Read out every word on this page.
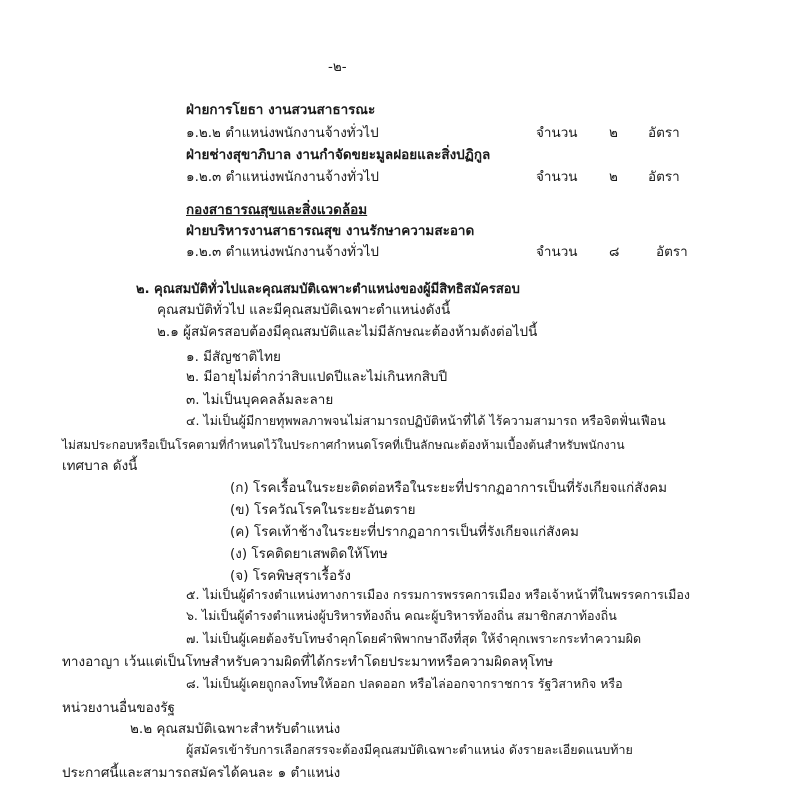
-๒-
ฝ่ายการโยธา งานสวนสาธารณะ
๑.๒.๒ ตำแหน่งพนักงานจ้างทั่วไป	จำนวน ๒ อัตรา
ฝ่ายช่างสุขาภิบาล งานกำจัดขยะมูลฝอยและสิ่งปฏิกูล
๑.๒.๓ ตำแหน่งพนักงานจ้างทั่วไป	จำนวน ๒ อัตรา
กองสาธารณสุขและสิ่งแวดล้อม
ฝ่ายบริหารงานสาธารณสุข งานรักษาความสะอาด
๑.๒.๓ ตำแหน่งพนักงานจ้างทั่วไป	จำนวน ๘	อัตรา
๒. คุณสมบัติทั่วไปและคุณสมบัติเฉพาะตำแหน่งของผู้มีสิทธิสมัครสอบ
คุณสมบัติทั่วไป และมีคุณสมบัติเฉพาะตำแหน่งดังนี้
๒.๑ ผู้สมัครสอบต้องมีคุณสมบัติและไม่มีลักษณะต้องห้ามดังต่อไปนี้
๑. มีสัญชาติไทย
๒. มีอายุไม่ต่ำกว่าสิบแปดปีและไม่เกินหกสิบปี
๓. ไม่เป็นบุคคลล้มละลาย
๔. ไม่เป็นผู้มีกายทุพพลภาพจนไม่สามารถปฏิบัติหน้าที่ได้ ไร้ความสามารถ หรือจิตฟั่นเฟือน
ไม่สมประกอบหรือเป็นโรคตามที่กำหนดไว้ในประกาศกำหนดโรคที่เป็นลักษณะต้องห้ามเบื้องต้นสำหรับพนักงาน
เทศบาล ดังนี้
(ก) โรคเรื้อนในระยะติดต่อหรือในระยะที่ปรากฏอาการเป็นที่รังเกียจแก่สังคม
(ข) โรควัณโรคในระยะอันตราย
(ค) โรคเท้าช้างในระยะที่ปรากฏอาการเป็นที่รังเกียจแก่สังคม
(ง) โรคติดยาเสพติดให้โทษ
(จ) โรคพิษสุราเรื้อรัง
๕. ไม่เป็นผู้ดำรงตำแหน่งทางการเมือง กรรมการพรรคการเมือง หรือเจ้าหน้าที่ในพรรคการเมือง
๖. ไม่เป็นผู้ดำรงตำแหน่งผู้บริหารท้องถิ่น คณะผู้บริหารท้องถิ่น สมาชิกสภาท้องถิ่น
๗. ไม่เป็นผู้เคยต้องรับโทษจำคุกโดยคำพิพากษาถึงที่สุด ให้จำคุกเพราะกระทำความผิด
ทางอาญา เว้นแต่เป็นโทษสำหรับความผิดที่ได้กระทำโดยประมาทหรือความผิดลหุโทษ
๘. ไม่เป็นผู้เคยถูกลงโทษให้ออก ปลดออก หรือไล่ออกจากราชการ รัฐวิสาหกิจ หรือ
หน่วยงานอื่นของรัฐ
๒.๒ คุณสมบัติเฉพาะสำหรับตำแหน่ง
ผู้สมัครเข้ารับการเลือกสรรจะต้องมีคุณสมบัติเฉพาะตำแหน่ง ดังรายละเอียดแนบท้าย
ประกาศนี้และสามารถสมัครได้คนละ ๑ ตำแหน่ง
